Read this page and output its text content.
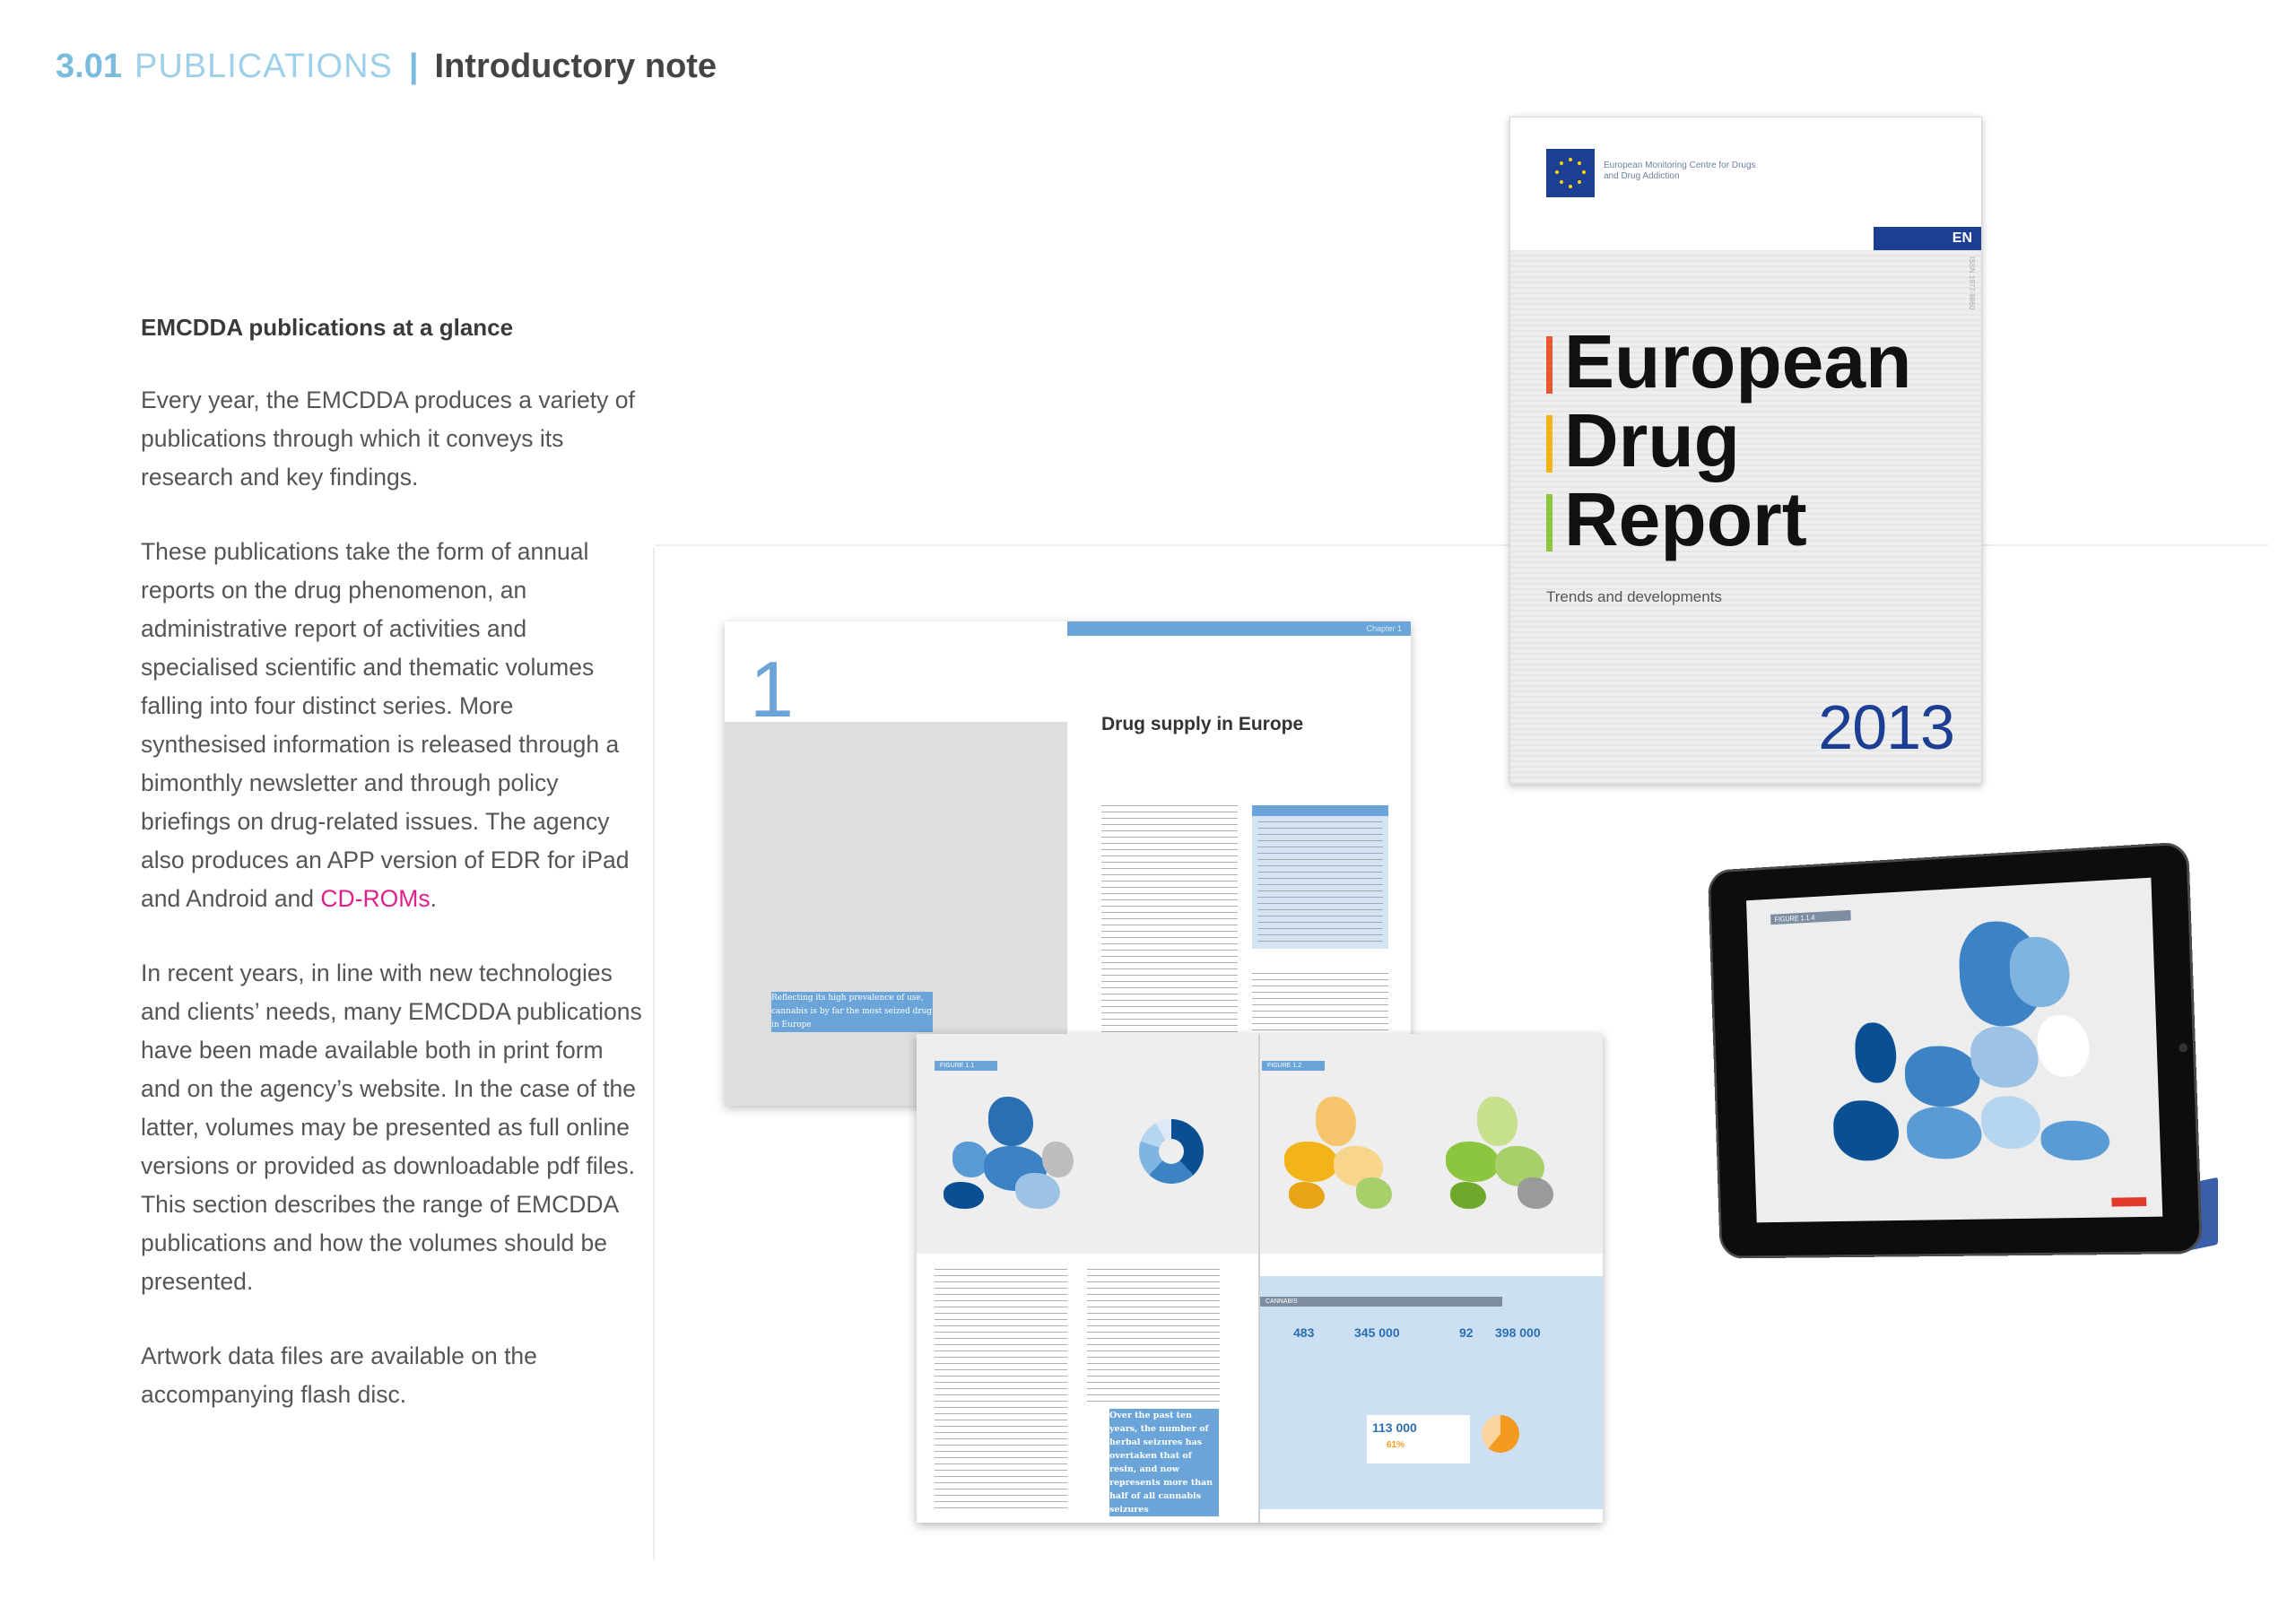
3.01 PUBLICATIONS | Introductory note
EMCDDA publications at a glance

Every year, the EMCDDA produces a variety of publications through which it conveys its research and key findings.

These publications take the form of annual reports on the drug phenomenon, an administrative report of activities and specialised scientific and thematic volumes falling into four distinct series. More synthesised information is released through a bimonthly newsletter and through policy briefings on drug-related issues. The agency also produces an APP version of EDR for iPad and Android and CD-ROMs.

In recent years, in line with new technologies and clients’ needs, many EMCDDA publications have been made available both in print form and on the agency’s website. In the case of the latter, volumes may be presented as full online versions or provided as downloadable pdf files. This section describes the range of EMCDDA publications and how the volumes should be presented.

Artwork data files are available on the accompanying flash disc.

1
Reflecting its high prevalence of use, cannabis is by far the most seized drug in Europe
Chapter 1
Drug supply in Europe
European Monitoring Centre for Drugs and Drug Addiction
EN
ISSN 1977-9860
European
Drug
Report
Trends and developments
2013
FIGURE 1.1	FIGURE 1.2
Over the past ten years, the number of herbal seizures has overtaken that of resin, and now represents more than half of all cannabis seizures
CANNABIS
483	345 000	92 398 000
113 000
61%
FIGURE 1.1.4
